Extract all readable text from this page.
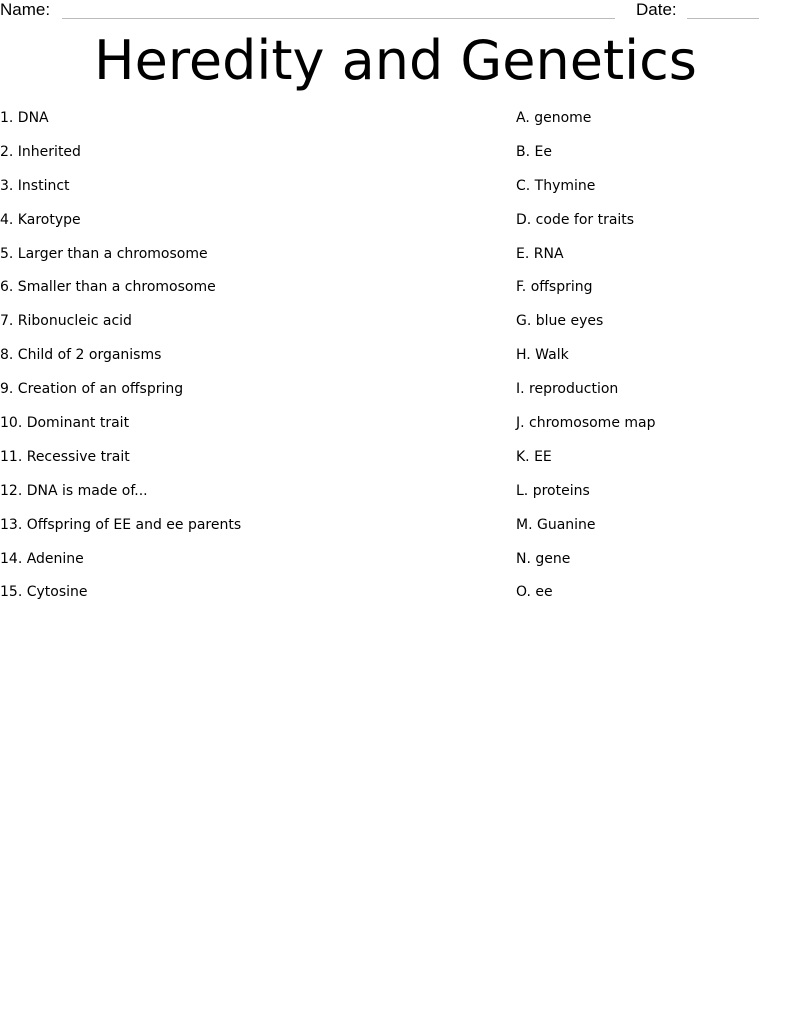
Name:	Date:
Heredity and Genetics
1. DNA
2. Inherited
3. Instinct
4. Karotype
5. Larger than a chromosome
6. Smaller than a chromosome
7. Ribonucleic acid
8. Child of 2 organisms
9. Creation of an offspring
10. Dominant trait
11. Recessive trait
12. DNA is made of...
13. Offspring of EE and ee parents
14. Adenine
15. Cytosine
A. genome
B. Ee
C. Thymine
D. code for traits
E. RNA
F. offspring
G. blue eyes
H. Walk
I. reproduction
J. chromosome map
K. EE
L. proteins
M. Guanine
N. gene
O. ee
